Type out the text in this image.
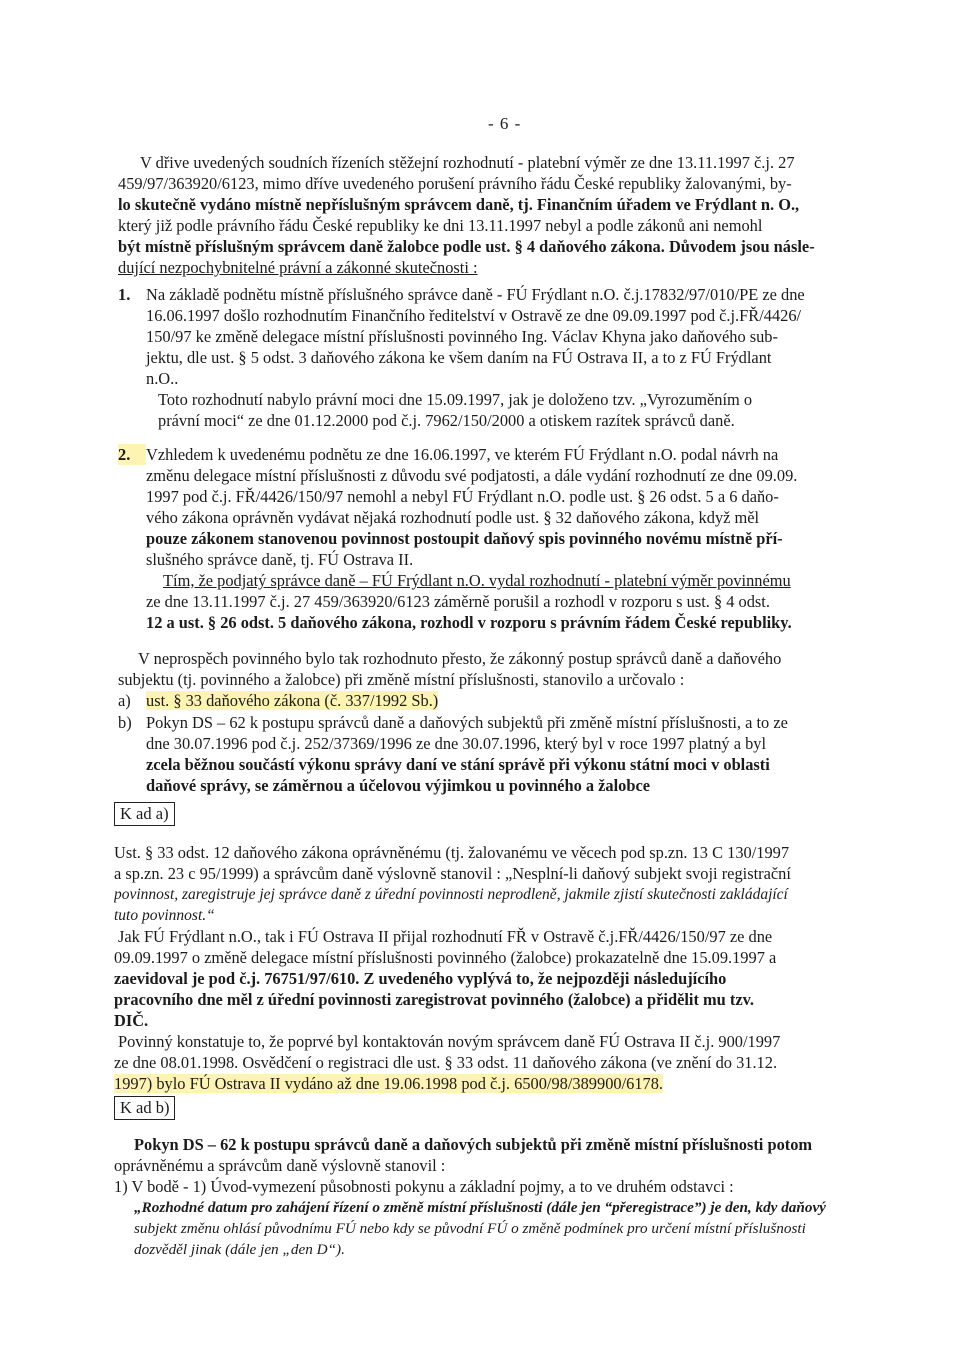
- 6 -
V dřive uvedených soudních řízeních stěžejní rozhodnutí - platební výměr ze dne 13.11.1997 č.j. 27
459/97/363920/6123, mimo dříve uvedeného porušení právního řádu České republiky žalovanými, by-
lo skutečně vydáno místně nepříslušným správcem daně, tj. Finančním úřadem ve Frýdlant n. O.,
který již podle právního řádu České republiky ke dni 13.11.1997 nebyl a podle zákonů ani nemohl
být místně příslušným správcem daně žalobce podle ust. § 4 daňového zákona. Důvodem jsou násle-
dující nezpochybnitelné právní a zákonné skutečnosti :
1. Na základě podnětu místně příslušného správce daně - FÚ Frýdlant n.O. č.j.17832/97/010/PE ze dne
16.06.1997 došlo rozhodnutím Finančního ředitelství v Ostravě ze dne 09.09.1997 pod č.j.FŘ/4426/
150/97 ke změně delegace místní příslušnosti povinného Ing. Václav Khyna jako daňového sub-
jektu, dle ust. § 5 odst. 3 daňového zákona ke všem daním na FÚ Ostrava II, a to z FÚ Frýdlant
n.O..
Toto rozhodnutí nabylo právní moci dne 15.09.1997, jak je doloženo tzv. „Vyrozuměním o
právní moci“ ze dne 01.12.2000 pod č.j. 7962/150/2000 a otiskem razítek správců daně.
2. Vzhledem k uvedenému podnětu ze dne 16.06.1997, ve kterém FÚ Frýdlant n.O. podal návrh na
změnu delegace místní příslušnosti z důvodu své podjatosti, a dále vydání rozhodnutí ze dne 09.09.
1997 pod č.j. FŘ/4426/150/97 nemohl a nebyl FÚ Frýdlant n.O. podle ust. § 26 odst. 5 a 6 daňo-
vého zákona oprávněn vydávat nějaká rozhodnutí podle ust. § 32 daňového zákona, když měl
pouze zákonem stanovenou povinnost postoupit daňový spis povinného novému místně pří-
slušného správce daně, tj. FÚ Ostrava II.
Tím, že podjatý správce daně – FÚ Frýdlant n.O. vydal rozhodnutí - platební výměr povinnému
ze dne 13.11.1997 č.j. 27 459/363920/6123 záměrně porušil a rozhodl v rozporu s ust. § 4 odst.
12 a ust. § 26 odst. 5 daňového zákona, rozhodl v rozporu s právním řádem České republiky.
V neprospěch povinného bylo tak rozhodnuto přesto, že zákonný postup správců daně a daňového
subjektu (tj. povinného a žalobce) při změně místní příslušnosti, stanovilo a určovalo :
a) ust. § 33 daňového zákona (č. 337/1992 Sb.)
b) Pokyn DS – 62 k postupu správců daně a daňových subjektů při změně místní příslušnosti, a to ze
dne 30.07.1996 pod č.j. 252/37369/1996 ze dne 30.07.1996, který byl v roce 1997 platný a byl
zcela běžnou součástí výkonu správy daní ve stání správě při výkonu státní moci v oblasti
daňové správy, se záměrnou a účelovou výjimkou u povinného a žalobce
K ad a)
Ust. § 33 odst. 12 daňového zákona oprávněnému (tj. žalovanému ve věcech pod sp.zn. 13 C 130/1997
a sp.zn. 23 c 95/1999) a správcům daně výslovně stanovil : „Nesplní-li daňový subjekt svoji registrační
povinnost, zaregistruje jej správce daně z úřední povinnosti neprodleně, jakmile zjistí skutečnosti zakládající
tuto povinnost.“
Jak FÚ Frýdlant n.O., tak i FÚ Ostrava II přijal rozhodnutí FŘ v Ostravě č.j.FŘ/4426/150/97 ze dne
09.09.1997 o změně delegace místní příslušnosti povinného (žalobce) prokazatelně dne 15.09.1997 a
zaevidoval je pod č.j. 76751/97/610. Z uvedeného vyplývá to, že nejpozději následujícího
pracovního dne měl z úřední povinnosti zaregistrovat povinného (žalobce) a přidělit mu tzv.
DIČ.
Povinný konstatuje to, že poprvé byl kontaktován novým správcem daně FÚ Ostrava II č.j. 900/1997
ze dne 08.01.1998. Osvědčení o registraci dle ust. § 33 odst. 11 daňového zákona (ve znění do 31.12.
1997) bylo FÚ Ostrava II vydáno až dne 19.06.1998 pod č.j. 6500/98/389900/6178.
K ad b)
Pokyn DS – 62 k postupu správců daně a daňových subjektů při změně místní příslušnosti potom
oprávněnému a správcům daně výslovně stanovil :
1) V bodě - 1) Úvod-vymezení působnosti pokynu a základní pojmy, a to ve druhém odstavci :
„Rozhodné datum pro zahájení řízení o změně místní příslušnosti (dále jen “přeregistrace”) je den, kdy daňový
subjekt změnu ohlásí původnímu FÚ nebo kdy se původní FÚ o změně podmínek pro určení místní příslušnosti
dozvěděl jinak (dále jen „den D“).
